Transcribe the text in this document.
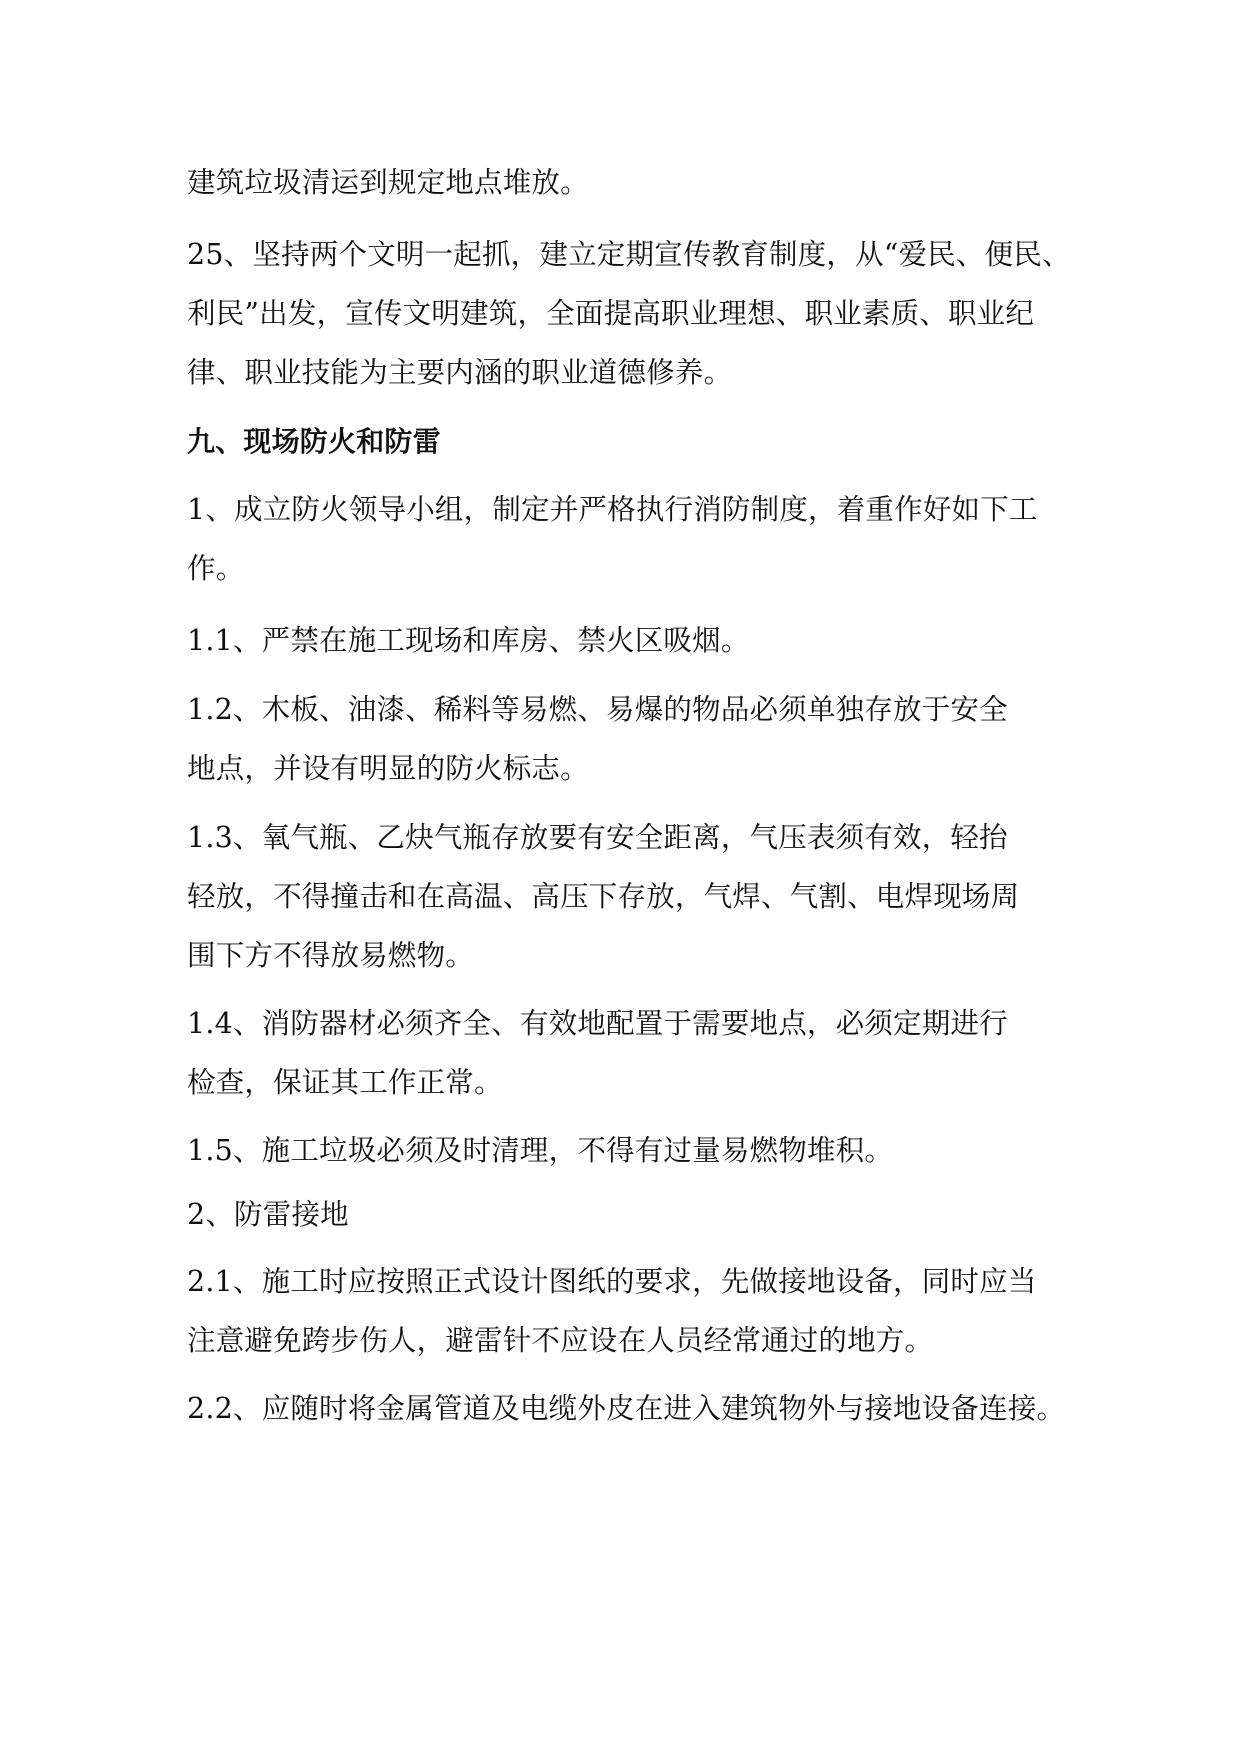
建筑垃圾清运到规定地点堆放。
25、坚持两个文明一起抓，建立定期宣传教育制度，从“爱民、便民、
利民”出发，宣传文明建筑，全面提高职业理想、职业素质、职业纪
律、职业技能为主要内涵的职业道德修养。
九、现场防火和防雷
1、成立防火领导小组，制定并严格执行消防制度，着重作好如下工
作。
1.1、严禁在施工现场和库房、禁火区吸烟。
1.2、木板、油漆、稀料等易燃、易爆的物品必须单独存放于安全
地点，并设有明显的防火标志。
1.3、氧气瓶、乙炔气瓶存放要有安全距离，气压表须有效，轻抬
轻放，不得撞击和在高温、高压下存放，气焊、气割、电焊现场周
围下方不得放易燃物。
1.4、消防器材必须齐全、有效地配置于需要地点，必须定期进行
检查，保证其工作正常。
1.5、施工垃圾必须及时清理，不得有过量易燃物堆积。
2、防雷接地
2.1、施工时应按照正式设计图纸的要求，先做接地设备，同时应当
注意避免跨步伤人，避雷针不应设在人员经常通过的地方。
2.2、应随时将金属管道及电缆外皮在进入建筑物外与接地设备连接。
